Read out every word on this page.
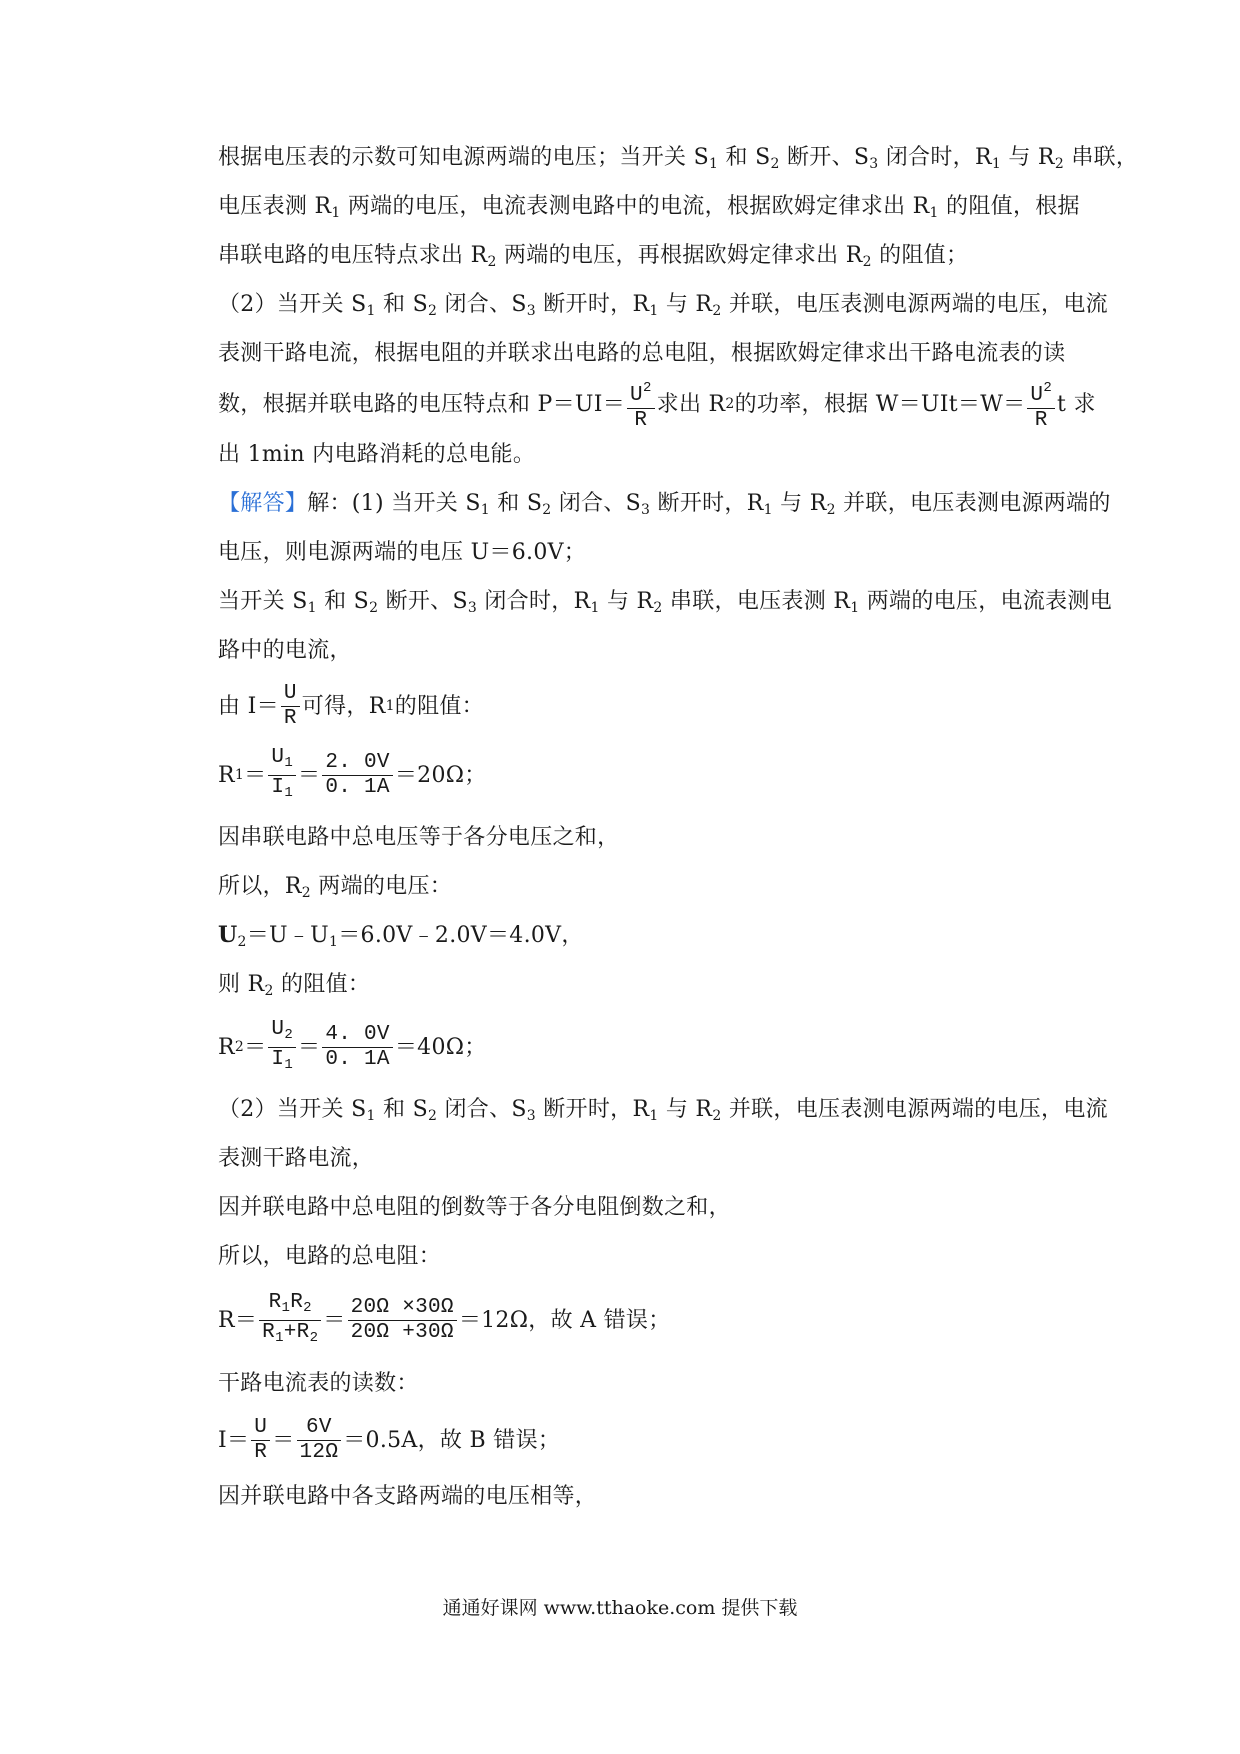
根据电压表的示数可知电源两端的电压；当开关 $S_1$ 和 $S_2$ 断开、$S_3$ 闭合时，$R_1$ 与 $R_2$ 串联，
电压表测 $R_1$ 两端的电压，电流表测电路中的电流，根据欧姆定律求出 $R_1$ 的阻值，根据
串联电路的电压特点求出 $R_2$ 两端的电压，再根据欧姆定律求出 $R_2$ 的阻值；
（2）当开关 $S_1$ 和 $S_2$ 闭合、$S_3$ 断开时，$R_1$ 与 $R_2$ 并联，电压表测电源两端的电压，电流
表测干路电流，根据电阻的并联求出电路的总电阻，根据欧姆定律求出干路电流表的读
数，根据并联电路的电压特点和 $P=UI= \frac{U^2}{R}$ 求出 R 2 的功率，根据 $W=UIt=W= \frac{U^2}{R}$ t 求
出 1min 内电路消耗的总电能。
【解答】解：(1) 当开关 $S_1$ 和 $S_2$ 闭合、$S_3$ 断开时，$R_1$ 与 $R_2$ 并联，电压表测电源两端的
电压，则电源两端的电压 U＝6.0V；
当开关 $S_1$ 和 $S_2$ 断开、$S_3$ 闭合时，$R_1$ 与 $R_2$ 串联，电压表测 $R_1$ 两端的电压，电流表测电
路中的电流，
由 $I= \frac{U}{R}$ 可得，R 1 的阻值：
R $1 = \frac{U_1}{I_1} = \frac{2. 0V}{0. 1A} =20\Omega$；
因串联电路中总电压等于各分电压之和，
所以，$R_2$ 两端的电压：
$U_2=U﹣U_1=6.0V﹣2.0V=4.0V$，
则 $R_2$ 的阻值：
R $2 = \frac{U_2}{I_1} = \frac{4. 0V}{0. 1A} =40\Omega$；
（2）当开关 $S_1$ 和 $S_2$ 闭合、$S_3$ 断开时，$R_1$ 与 $R_2$ 并联，电压表测电源两端的电压，电流
表测干路电流，
因并联电路中总电阻的倒数等于各分电阻倒数之和，
所以，电路的总电阻：
$R= \frac{R_1R_2}{R_1+R_2} = \frac{20\Omega \times 30\Omega}{20\Omega +30\Omega} =12\Omega$，故 A 错误；
干路电流表的读数：
$I= \frac{U}{R} = \frac{6V}{12\Omega} =0.5A$，故 B 错误；
因并联电路中各支路两端的电压相等，
通通好课网 www.tthaoke.com 提供下载
